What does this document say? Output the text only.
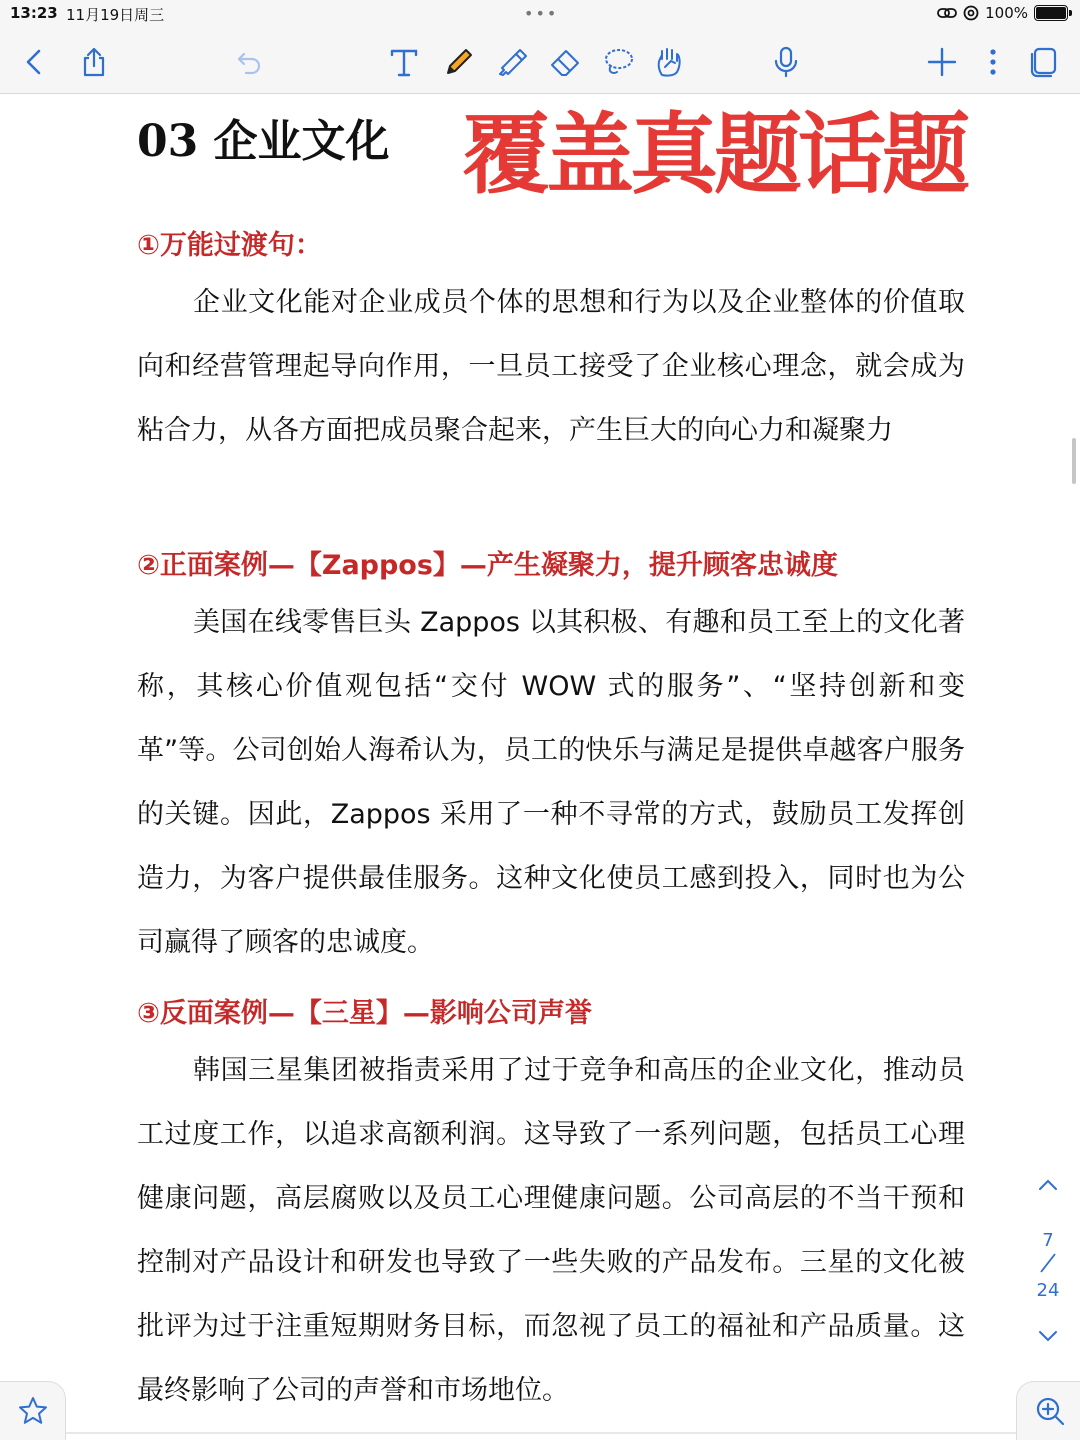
13:23 11月19日周三	•••	100%
03 企业文化 覆盖真题话题
①万能过渡句：
企业文化能对企业成员个体的思想和行为以及企业整体的价值取向和经营管理起导向作用，一旦员工接受了企业核心理念，就会成为粘合力，从各方面把成员聚合起来，产生巨大的向心力和凝聚力
②正面案例—【Zappos】—产生凝聚力，提升顾客忠诚度
美国在线零售巨头 Zappos 以其积极、有趣和员工至上的文化著称，其核心价值观包括“交付 WOW 式的服务”、“坚持创新和变革”等。公司创始人海希认为，员工的快乐与满足是提供卓越客户服务的关键。因此，Zappos 采用了一种不寻常的方式，鼓励员工发挥创造力，为客户提供最佳服务。这种文化使员工感到投入，同时也为公司赢得了顾客的忠诚度。
③反面案例—【三星】—影响公司声誉
韩国三星集团被指责采用了过于竞争和高压的企业文化，推动员工过度工作，以追求高额利润。这导致了一系列问题，包括员工心理健康问题，高层腐败以及员工心理健康问题。公司高层的不当干预和控制对产品设计和研发也导致了一些失败的产品发布。三星的文化被批评为过于注重短期财务目标，而忽视了员工的福祉和产品质量。这最终影响了公司的声誉和市场地位。
7
24
